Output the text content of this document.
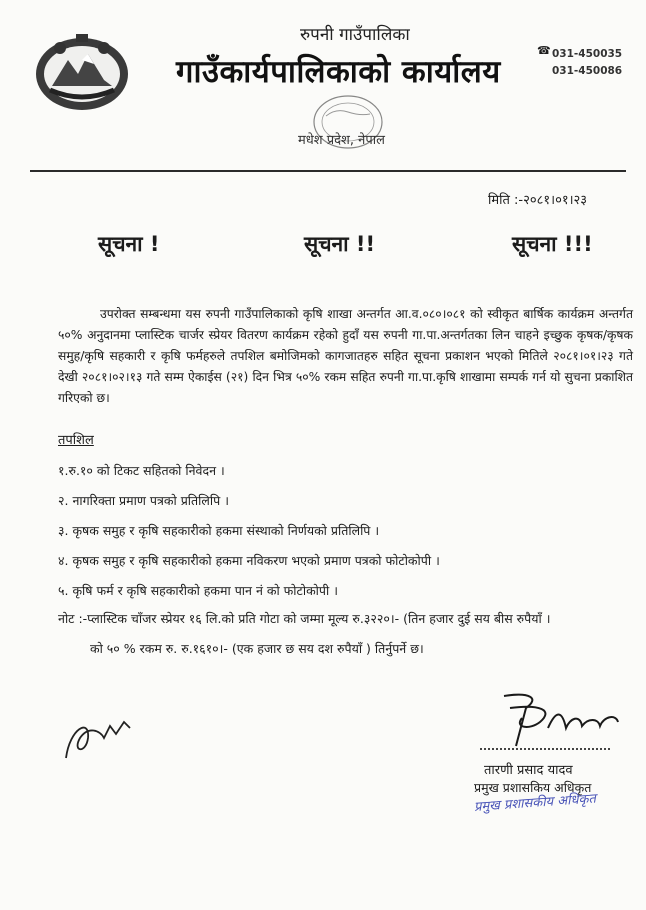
रुपनी गाउँपालिका
गाउँकार्यपालिकाको कार्यालय
मधेश प्रदेश, नेपाल
☎ 031-450035
031-450086
मिति :-२०८१।०१।२३
सूचना !	सूचना !!	सूचना !!!

उपरोक्त सम्बन्धमा यस रुपनी गाउँपालिकाको कृषि शाखा अन्तर्गत आ.व.०८०।०८१ को स्वीकृत बार्षिक कार्यक्रम अन्तर्गत ५०% अनुदानमा प्लास्टिक चार्जर स्प्रेयर वितरण कार्यक्रम रहेको हुदाँ यस रुपनी गा.पा.अन्तर्गतका लिन चाहने इच्छुक कृषक/कृषक समुह/कृषि सहकारी र कृषि फर्महरुले तपशिल बमोजिमको कागजातहरु सहित सूचना प्रकाशन भएको मितिले २०८१।०१।२३ गते देखी २०८१।०२।१३ गते सम्म ऐकाईस (२१) दिन भित्र ५०% रकम सहित रुपनी गा.पा.कृषि शाखामा सम्पर्क गर्न यो सुचना प्रकाशित गरिएको छ।

तपशिल
१.रु.१० को टिकट सहितको निवेदन ।
२. नागरिक्ता प्रमाण पत्रको प्रतिलिपि ।
३. कृषक समुह र कृषि सहकारीको हकमा संस्थाको निर्णयको प्रतिलिपि ।
४. कृषक समुह र कृषि सहकारीको हकमा नविकरण भएको प्रमाण पत्रको फोटोकोपी ।
५. कृषि फर्म र कृषि सहकारीको हकमा पान नं को फोटोकोपी ।
नोट :-प्लास्टिक चाँजर स्प्रेयर १६ लि.को प्रति गोटा को जम्मा मूल्य रु.३२२०।- (तिन हजार दुई सय बीस रुपैयाँ ।
को ५० % रकम रु. रु.१६१०।- (एक हजार छ सय दश रुपैयाँ ) तिर्नुपर्ने छ।
तारणी प्रसाद यादव
प्रमुख प्रशासकिय अधिकृत
प्रमुख प्रशासकीय अधिकृत
